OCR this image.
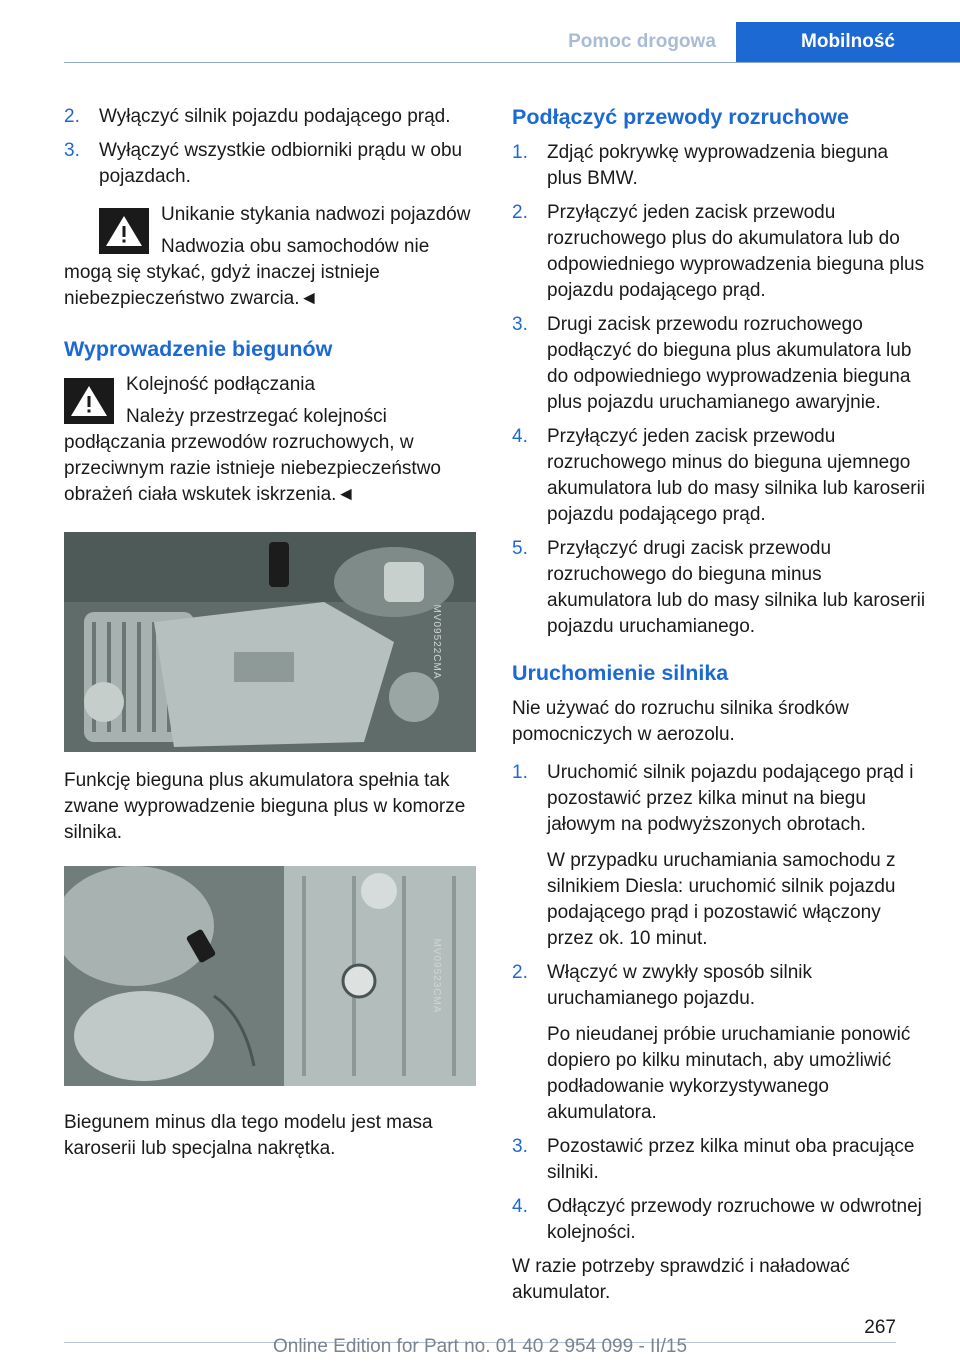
Pomoc drogowa	Mobilność
2. Wyłączyć silnik pojazdu podającego prąd.
3. Wyłączyć wszystkie odbiorniki prądu w obu pojazdach.
Unikanie stykania nadwozi pojazdów
Nadwozia obu samochodów nie mogą się stykać, gdyż inaczej istnieje niebezpieczeństwo zwarcia.◄
Wyprowadzenie biegunów
Kolejność podłączania
Należy przestrzegać kolejności podłączania przewodów rozruchowych, w przeciwnym razie istnieje niebezpieczeństwo obrażeń ciała wskutek iskrzenia.◄
MV09522CMA

Funkcję bieguna plus akumulatora spełnia tak zwane wyprowadzenie bieguna plus w komorze silnika.

MV09523CMA

Biegunem minus dla tego modelu jest masa karoserii lub specjalna nakrętka.

Podłączyć przewody rozruchowe
1. Zdjąć pokrywkę wyprowadzenia bieguna plus BMW.
2. Przyłączyć jeden zacisk przewodu rozruchowego plus do akumulatora lub do odpowiedniego wyprowadzenia bieguna plus pojazdu podającego prąd.
3. Drugi zacisk przewodu rozruchowego podłączyć do bieguna plus akumulatora lub do odpowiedniego wyprowadzenia bieguna plus pojazdu uruchamianego awaryjnie.
4. Przyłączyć jeden zacisk przewodu rozruchowego minus do bieguna ujemnego akumulatora lub do masy silnika lub karoserii pojazdu podającego prąd.
5. Przyłączyć drugi zacisk przewodu rozruchowego do bieguna minus akumulatora lub do masy silnika lub karoserii pojazdu uruchamianego.
Uruchomienie silnika

Nie używać do rozruchu silnika środków pomocniczych w aerozolu.

1. Uruchomić silnik pojazdu podającego prąd i pozostawić przez kilka minut na biegu jałowym na podwyższonych obrotach.
W przypadku uruchamiania samochodu z silnikiem Diesla: uruchomić silnik pojazdu podającego prąd i pozostawić włączony przez ok. 10 minut.
2. Włączyć w zwykły sposób silnik uruchamianego pojazdu.
Po nieudanej próbie uruchamianie ponowić dopiero po kilku minutach, aby umożliwić podładowanie wykorzystywanego akumulatora.
3. Pozostawić przez kilka minut oba pracujące silniki.
4. Odłączyć przewody rozruchowe w odwrotnej kolejności.

W razie potrzeby sprawdzić i naładować akumulator.

267
Online Edition for Part no. 01 40 2 954 099 - II/15
